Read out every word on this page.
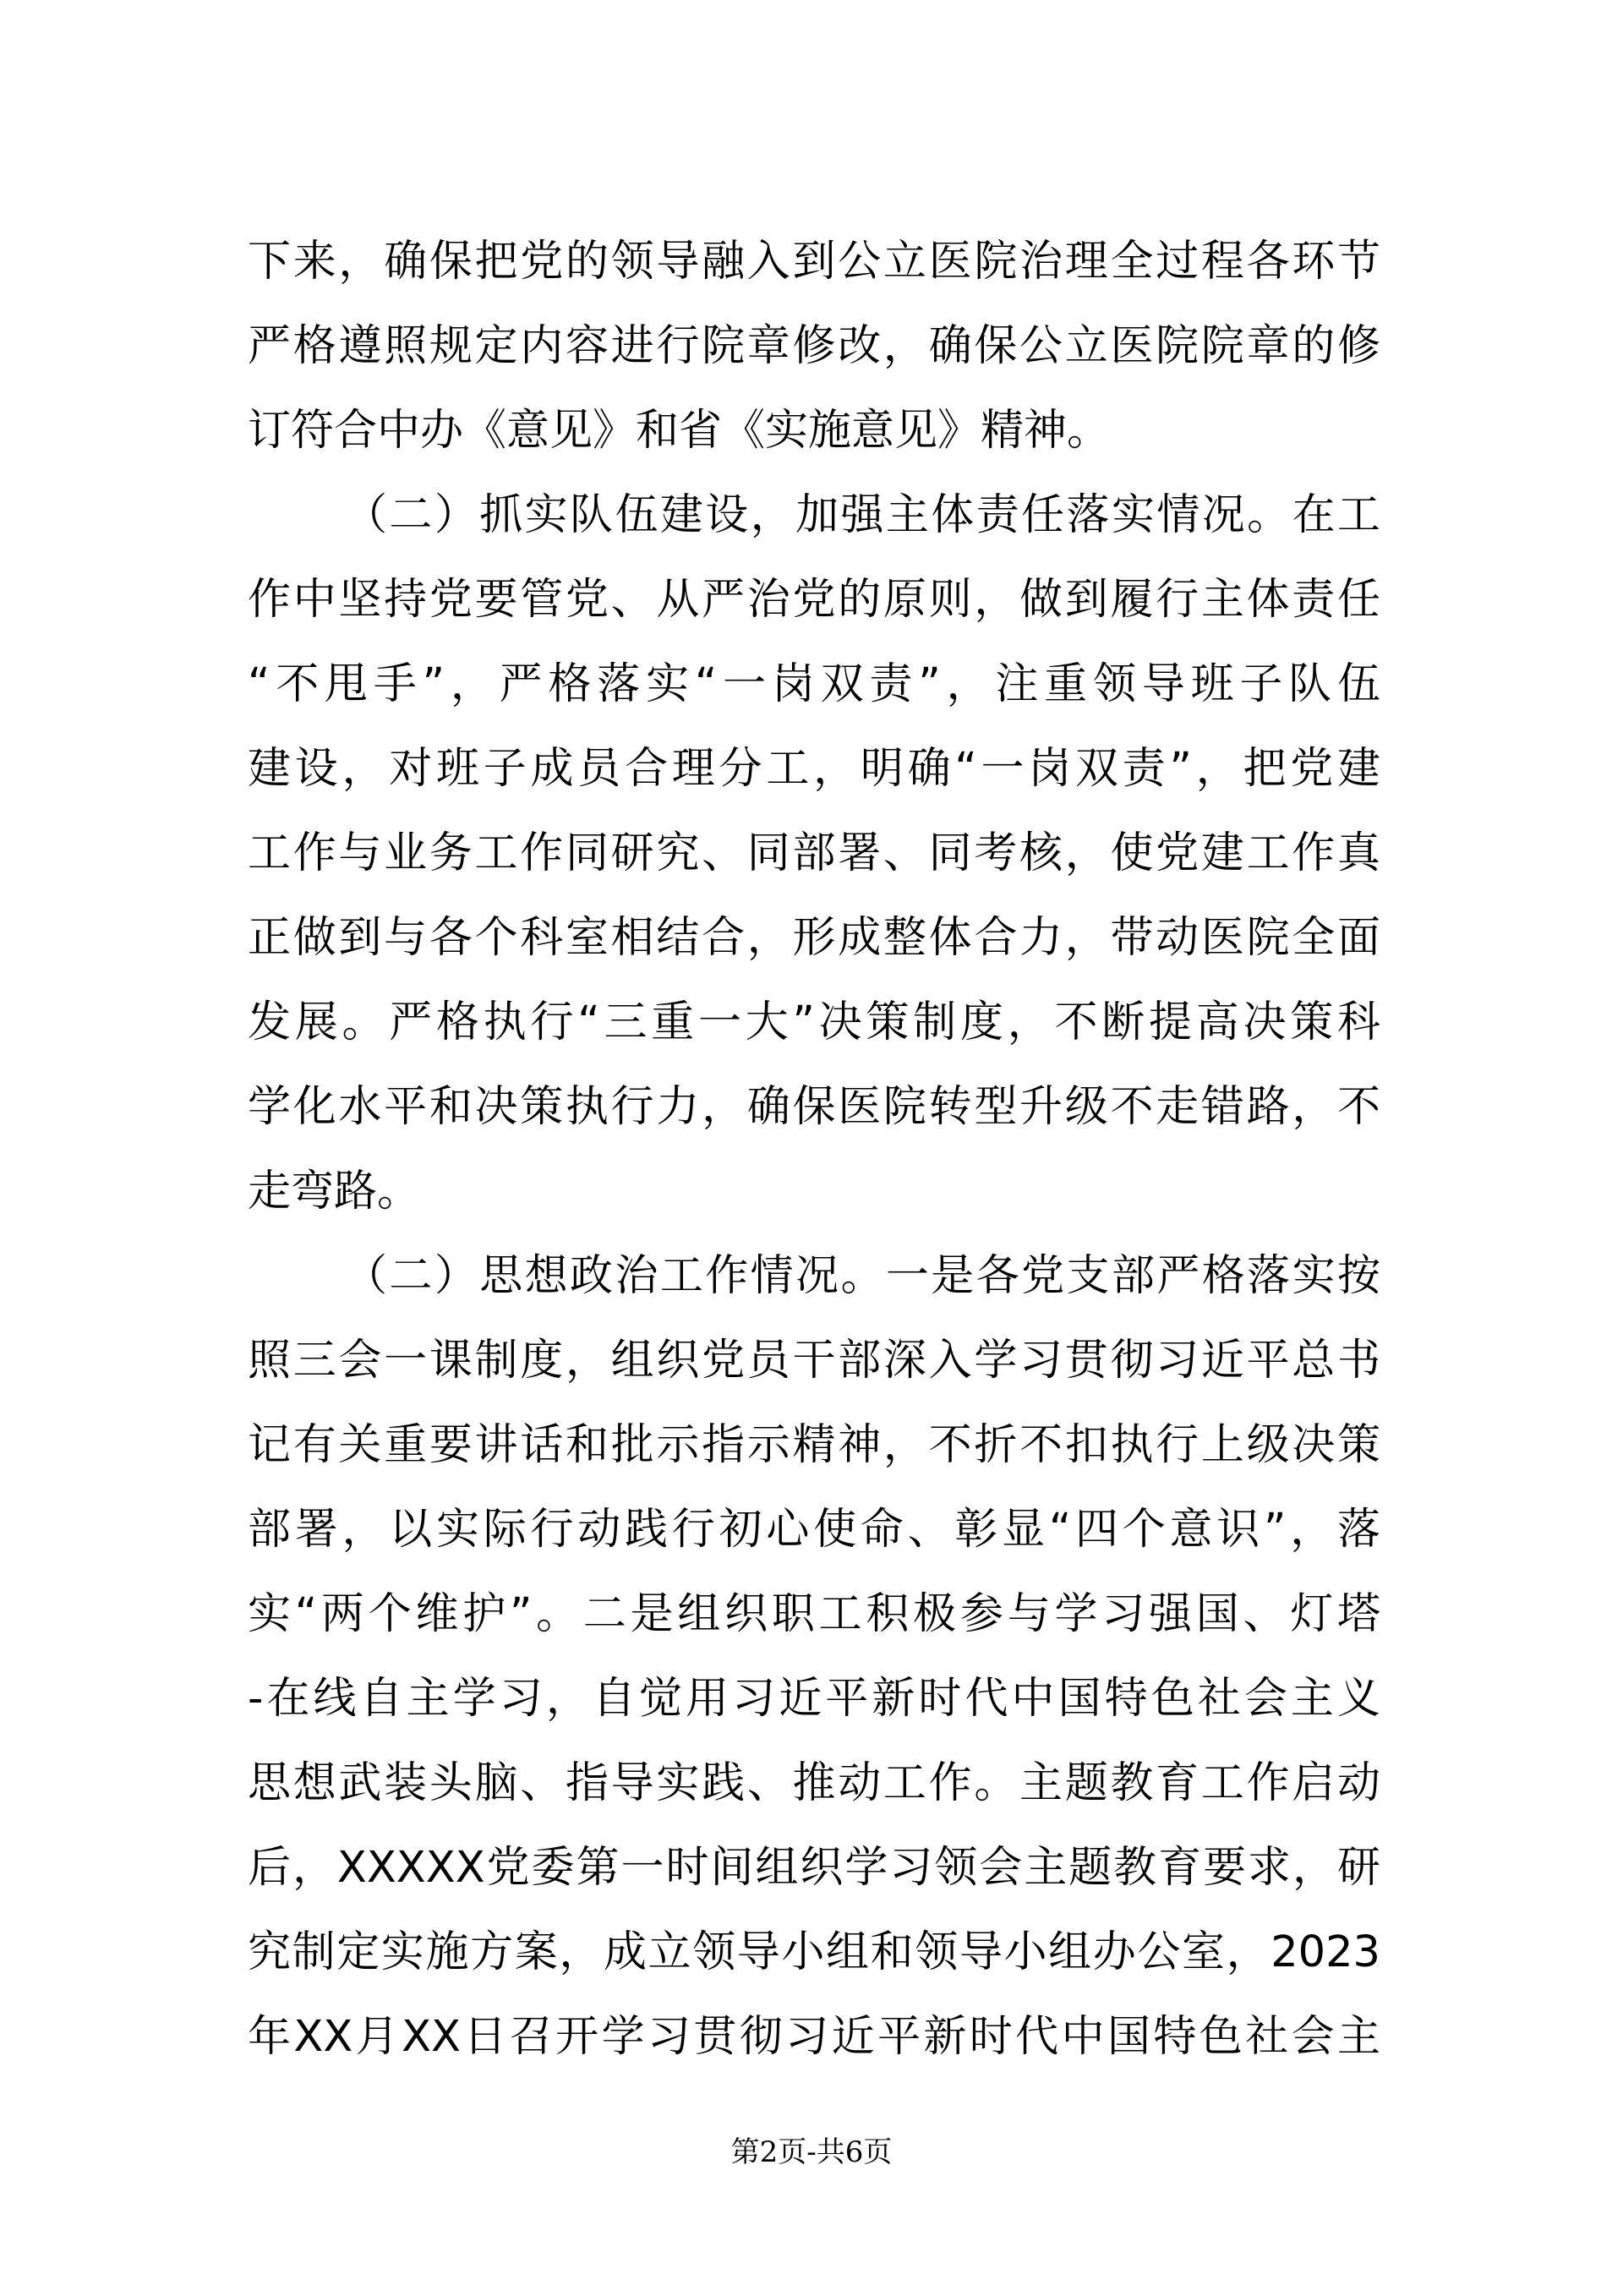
下来，确保把党的领导融入到公立医院治理全过程各环节
严格遵照规定内容进行院章修改，确保公立医院院章的修
订符合中办《意见》和省《实施意见》精神。
（二）抓实队伍建设，加强主体责任落实情况。在工
作中坚持党要管党、从严治党的原则，做到履行主体责任
“不甩手”，严格落实“一岗双责”，注重领导班子队伍
建设，对班子成员合理分工，明确“一岗双责”，把党建
工作与业务工作同研究、同部署、同考核，使党建工作真
正做到与各个科室相结合，形成整体合力，带动医院全面
发展。严格执行“三重一大”决策制度，不断提高决策科
学化水平和决策执行力，确保医院转型升级不走错路，不
走弯路。
（二）思想政治工作情况。一是各党支部严格落实按
照三会一课制度，组织党员干部深入学习贯彻习近平总书
记有关重要讲话和批示指示精神，不折不扣执行上级决策
部署，以实际行动践行初心使命、彰显“四个意识”，落
实“两个维护”。二是组织职工积极参与学习强国、灯塔
-在线自主学习，自觉用习近平新时代中国特色社会主义
思想武装头脑、指导实践、推动工作。主题教育工作启动
后，XXXXX党委第一时间组织学习领会主题教育要求，研
究制定实施方案，成立领导小组和领导小组办公室，2023
年XX月XX日召开学习贯彻习近平新时代中国特色社会主
第2页-共6页
